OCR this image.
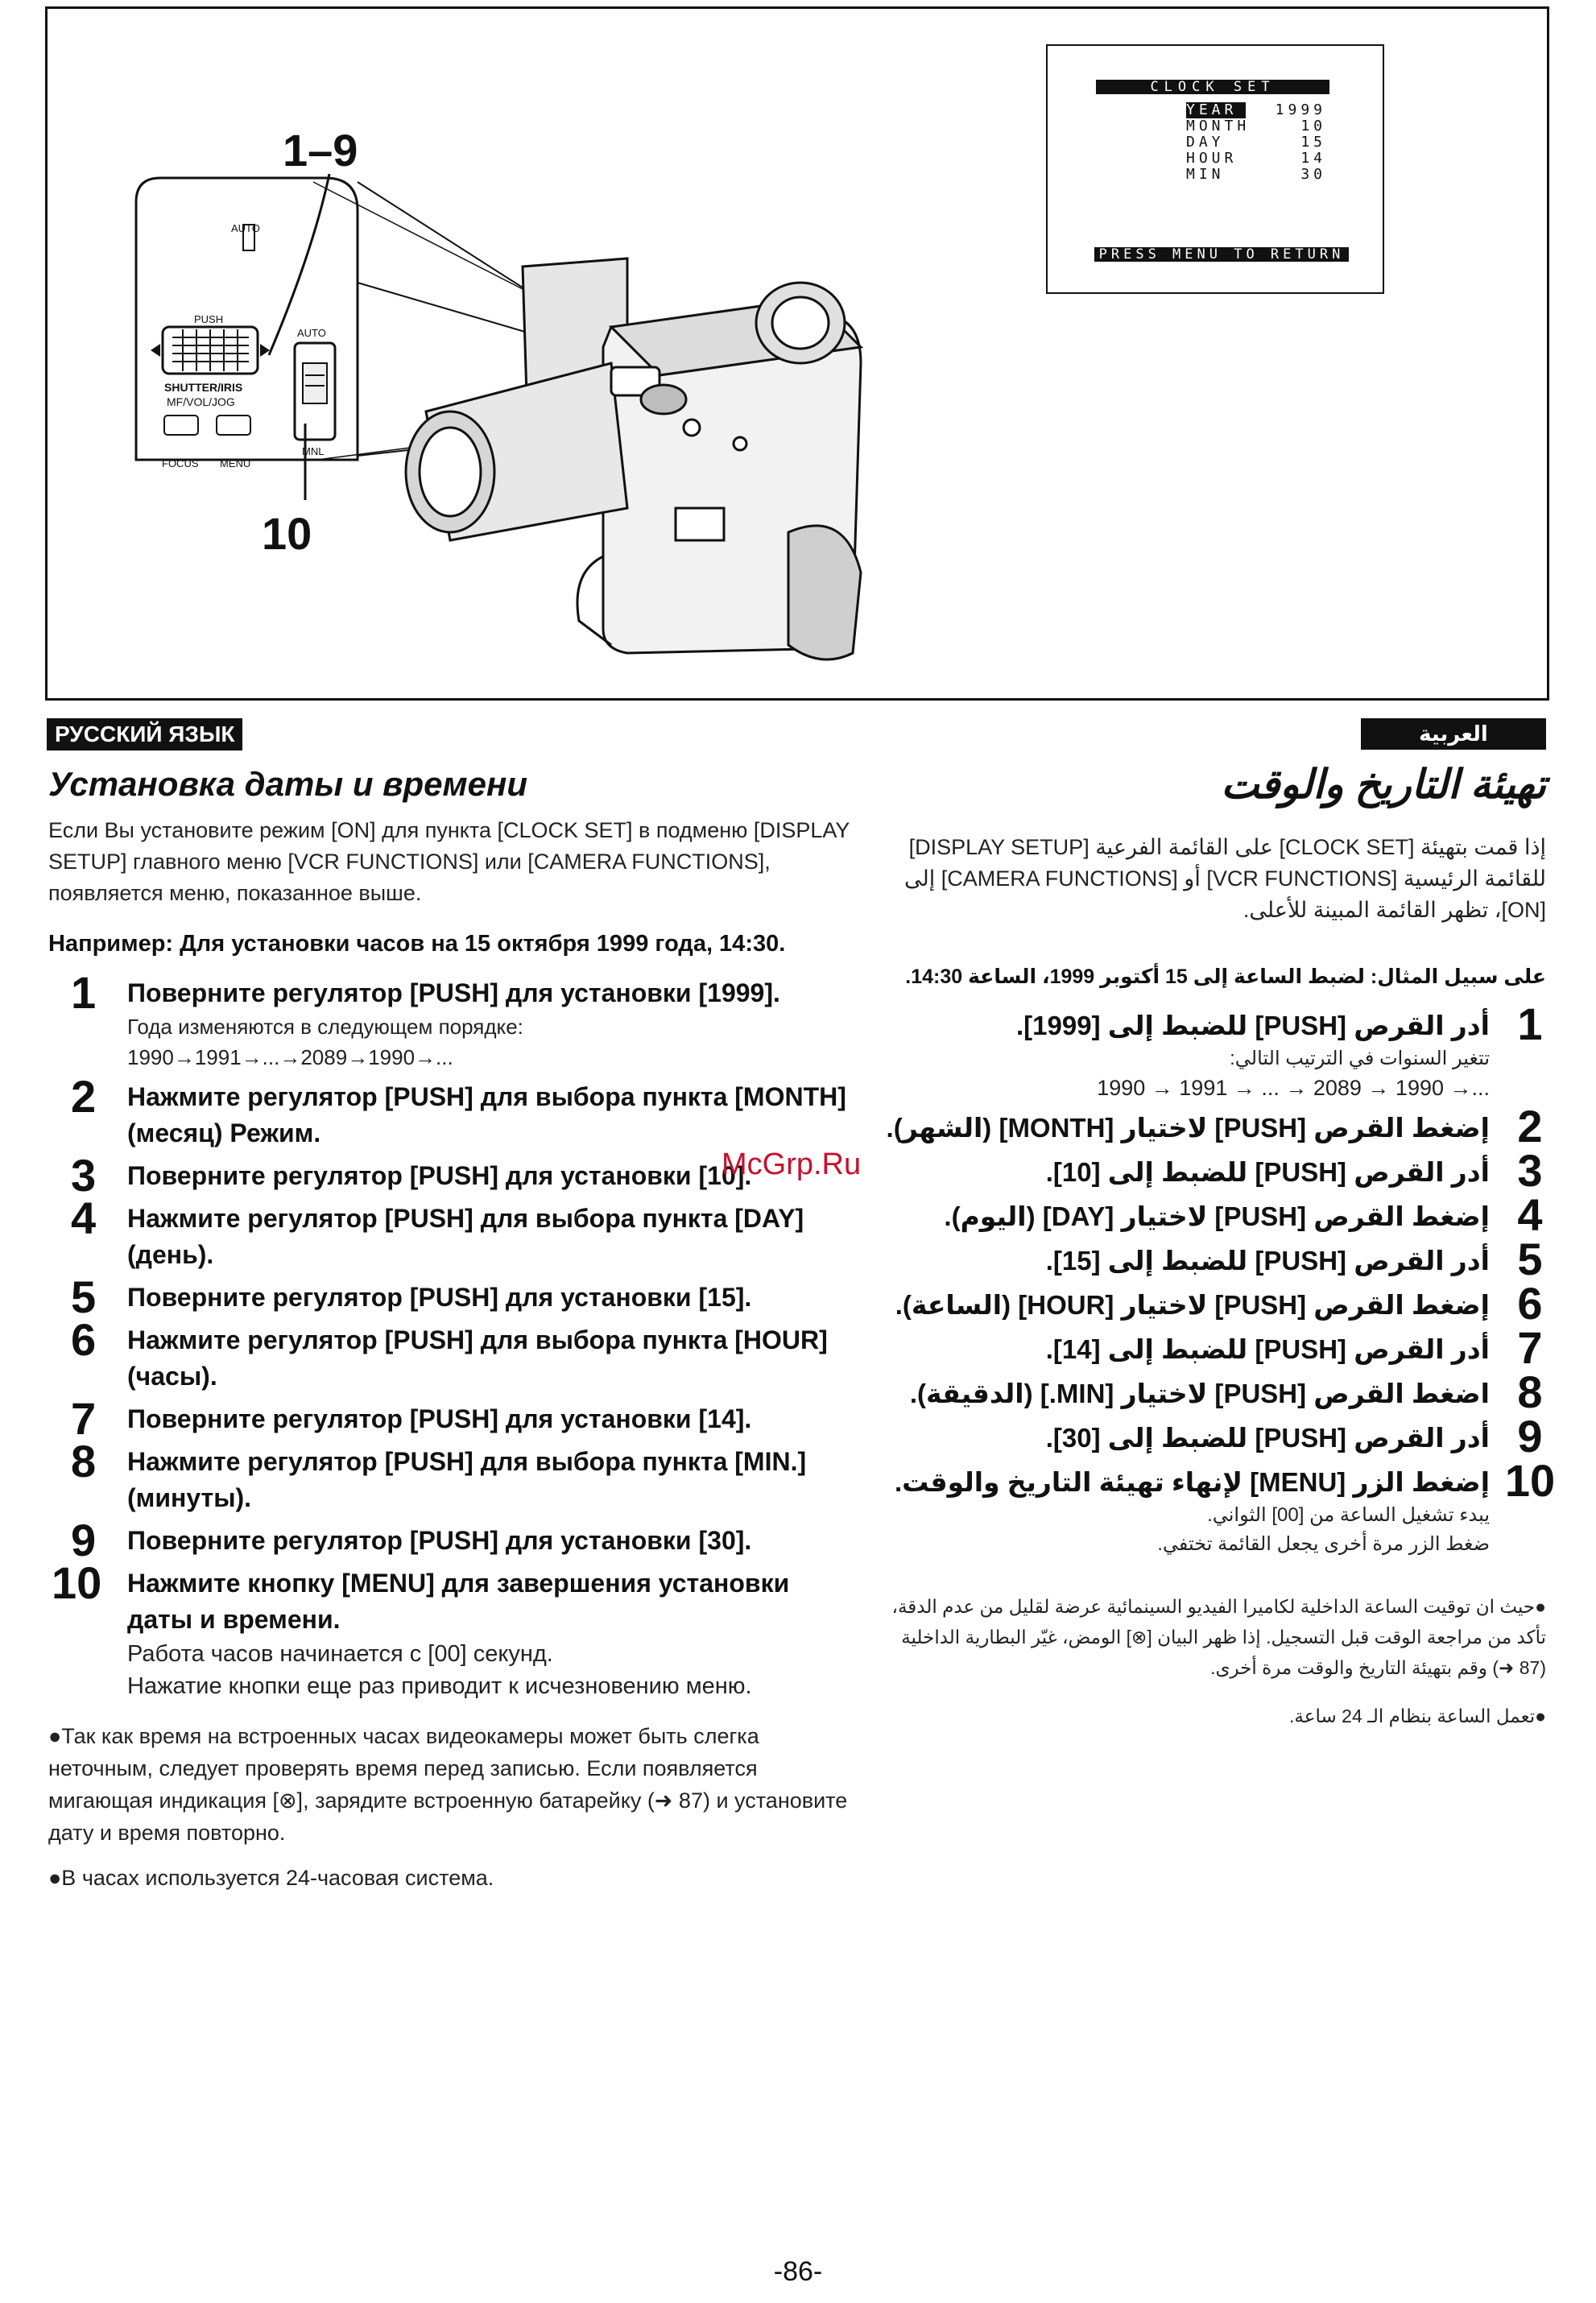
1–9
10
AUTO
PUSH
SHUTTER/IRIS
MF/VOL/JOG
AUTO
MNL
FOCUS MENU
CLOCK SET
YEAR	1999
MONTH	10
DAY	15
HOUR	14
MIN	30
PRESS MENU TO RETURN
РУССКИЙ ЯЗЫК
Установка даты и времени
Если Вы установите режим [ON] для пункта [CLOCK SET] в подменю [DISPLAY SETUP] главного меню [VCR FUNCTIONS] или [CAMERA FUNCTIONS], появляется меню, показанное выше.
Например: Для установки часов на 15 октября 1999 года, 14:30.
1	Поверните регулятор [PUSH] для установки [1999].
Года изменяются в следующем порядке:
1990→1991→...→2089→1990→...
2	Нажмите регулятор [PUSH] для выбора пункта [MONTH] (месяц) Режим.
3	Поверните регулятор [PUSH] для установки [10].
4	Нажмите регулятор [PUSH] для выбора пункта [DAY] (день).
5	Поверните регулятор [PUSH] для установки [15].
6	Нажмите регулятор [PUSH] для выбора пункта [HOUR] (часы).
7	Поверните регулятор [PUSH] для установки [14].
8	Нажмите регулятор [PUSH] для выбора пункта [MIN.] (минуты).
9	Поверните регулятор [PUSH] для установки [30].
10 Нажмите кнопку [MENU] для завершения установки даты и времени.
Работа часов начинается с [00] секунд.
Нажатие кнопки еще раз приводит к исчезновению меню.
●Так как время на встроенных часах видеокамеры может быть слегка неточным, следует проверять время перед записью. Если появляется мигающая индикация [⊗], зарядите встроенную батарейку (➜ 87) и установите дату и время повторно.
●В часах используется 24-часовая система.
العربية
تهيئة التاريخ والوقت
إذا قمت بتهيئة [CLOCK SET] على القائمة الفرعية [DISPLAY SETUP] للقائمة الرئيسية [VCR FUNCTIONS] أو [CAMERA FUNCTIONS] إلى [ON]، تظهر القائمة المبينة للأعلى.
على سبيل المثال: لضبط الساعة إلى 15 أكتوبر 1999، الساعة 14:30.
1
أدر القرص [PUSH] للضبط إلى [1999].
تتغير السنوات في الترتيب التالي:
1990 → 1991 → ... → 2089 → 1990 →...
2
إضغط القرص [PUSH] لاختيار [MONTH] (الشهر).
3
أدر القرص [PUSH] للضبط إلى [10].
4
إضغط القرص [PUSH] لاختيار [DAY] (اليوم).
5
أدر القرص [PUSH] للضبط إلى [15].
6
إضغط القرص [PUSH] لاختيار [HOUR] (الساعة).
7
أدر القرص [PUSH] للضبط إلى [14].
8
اضغط القرص [PUSH] لاختيار [MIN.] (الدقيقة).
9
أدر القرص [PUSH] للضبط إلى [30].
10
إضغط الزر [MENU] لإنهاء تهيئة التاريخ والوقت.
يبدء تشغيل الساعة من [00] الثواني.
ضغط الزر مرة أخرى يجعل القائمة تختفي.
●حيث ان توقيت الساعة الداخلية لكاميرا الفيديو السينمائية عرضة لقليل من عدم الدقة، تأكد من مراجعة الوقت قبل التسجيل. إذا ظهر البيان [⊗] الومض، غيّر البطارية الداخلية (87 ➜) وقم بتهيئة التاريخ والوقت مرة أخرى.
●تعمل الساعة بنظام الـ 24 ساعة.
McGrp.Ru
-86-
